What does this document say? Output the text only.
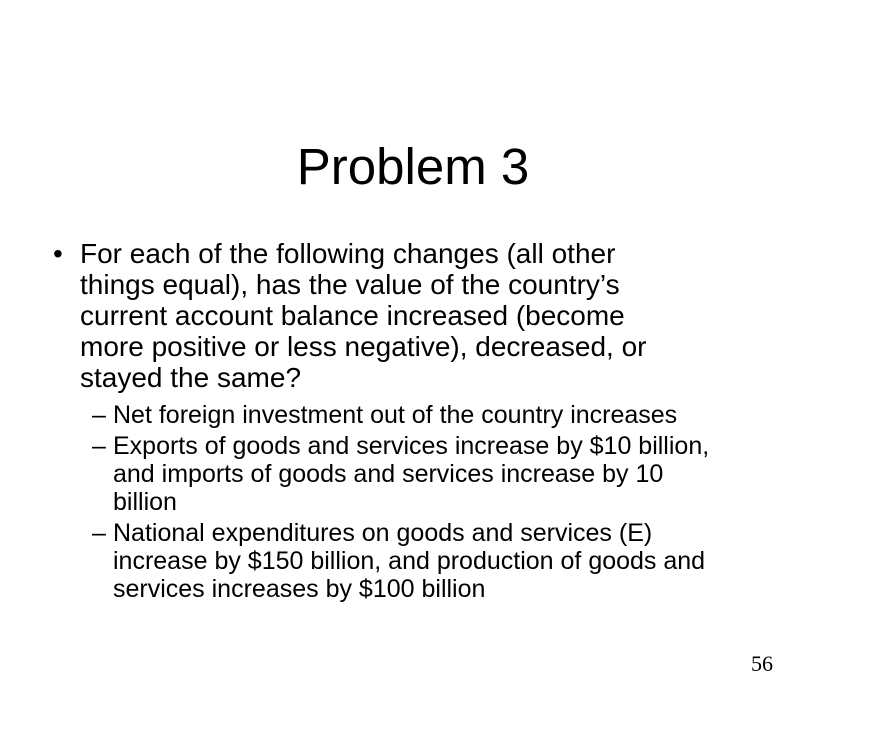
Problem 3
• For each of the following changes (all other
things equal), has the value of the country’s
current account balance increased (become
more positive or less negative), decreased, or
stayed the same?
– Net foreign investment out of the country increases
– Exports of goods and services increase by $10 billion,
and imports of goods and services increase by 10
billion
– National expenditures on goods and services (E)
increase by $150 billion, and production of goods and
services increases by $100 billion
56
